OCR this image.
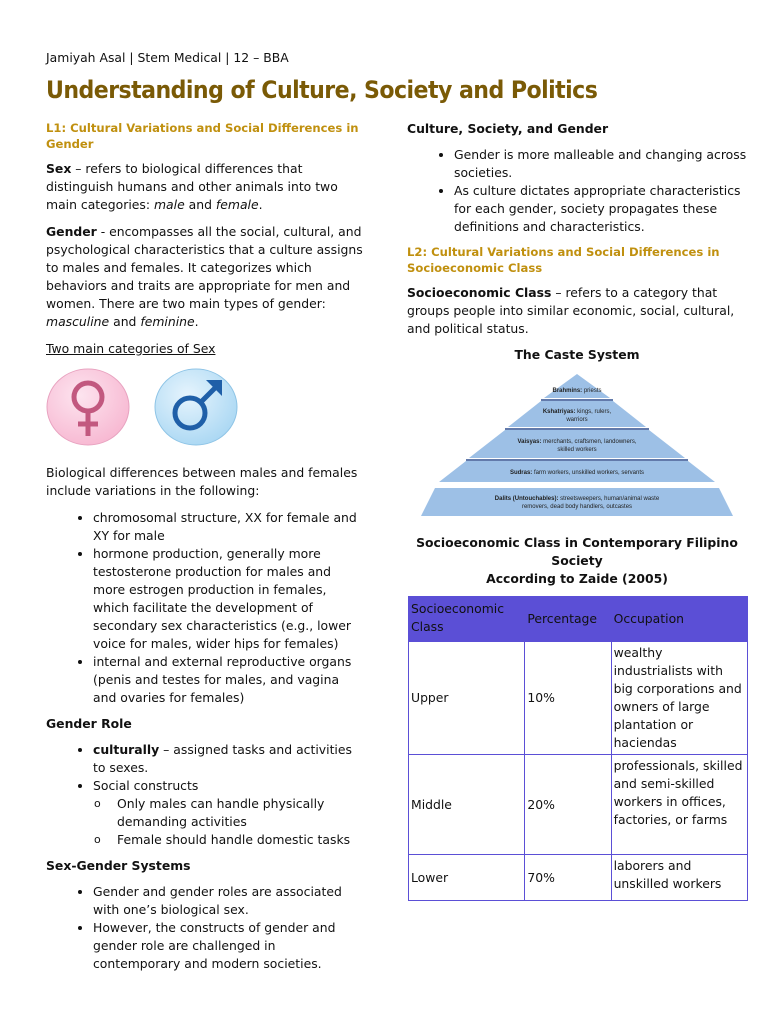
Jamiyah Asal | Stem Medical | 12 – BBA
Understanding of Culture, Society and Politics
L1: Cultural Variations and Social Differences in Gender

Sex – refers to biological differences that distinguish humans and other animals into two main categories: male and female.

Gender - encompasses all the social, cultural, and psychological characteristics that a culture assigns to males and females. It categorizes which behaviors and traits are appropriate for men and women. There are two main types of gender: masculine and feminine.

Two main categories of Sex

Biological differences between males and females include variations in the following:

• chromosomal structure, XX for female and XY for male
• hormone production, generally more testosterone production for males and more estrogen production in females, which facilitate the development of secondary sex characteristics (e.g., lower voice for males, wider hips for females)
• internal and external reproductive organs (penis and testes for males, and vagina and ovaries for females)
Gender Role
• culturally – assigned tasks and activities to sexes.
• Social constructs
o Only males can handle physically demanding activities
o Female should handle domestic tasks
Sex-Gender Systems
• Gender and gender roles are associated with one’s biological sex.
• However, the constructs of gender and gender role are challenged in contemporary and modern societies.
Culture, Society, and Gender
• Gender is more malleable and changing across societies.
• As culture dictates appropriate characteristics for each gender, society propagates these definitions and characteristics.
L2: Cultural Variations and Social Differences in Socioeconomic Class

Socioeconomic Class – refers to a category that groups people into similar economic, social, cultural, and political status.

The Caste System
Brahmins: priests
Kshatriyas: kings, rulers,
warriors
Vaisyas: merchants, craftsmen, landowners,
skilled workers
Sudras: farm workers, unskilled workers, servants
Dalits (Untouchables): streetsweepers, human/animal waste
removers, dead body handlers, outcastes
Socioeconomic Class in Contemporary Filipino Society
According to Zaide (2005)
Socioeconomic Class	Percentage	Occupation
Upper	10%	wealthy industrialists with big corporations and owners of large plantation or haciendas
Middle	20%	professionals, skilled and semi-skilled workers in offices, factories, or farms
Lower	70%	laborers and unskilled workers
